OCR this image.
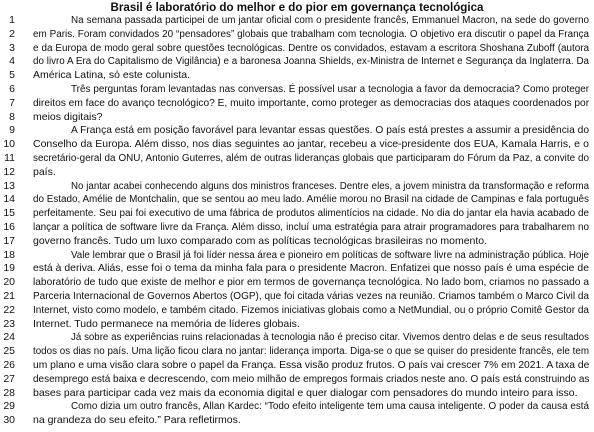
Brasil é laboratório do melhor e do pior em governança tecnológica
1	Na semana passada participei de um jantar oficial com o presidente francês, Emmanuel Macron, na sede do governo
2 em Paris. Foram convidados 20 “pensadores” globais que trabalham com tecnologia. O objetivo era discutir o papel da França
3 e da Europa de modo geral sobre questões tecnológicas. Dentre os convidados, estavam a escritora Shoshana Zuboff (autora
4 do livro A Era do Capitalismo de Vigilância) e a baronesa Joanna Shields, ex-Ministra de Internet e Segurança da Inglaterra. Da
5 América Latina, só este colunista.
6	Três perguntas foram levantadas nas conversas. É possível usar a tecnologia a favor da democracia? Como proteger
7 direitos em face do avanço tecnológico? E, muito importante, como proteger as democracias dos ataques coordenados por
8 meios digitais?
9	A França está em posição favorável para levantar essas questões. O país está prestes a assumir a presidência do
10 Conselho da Europa. Além disso, nos dias seguintes ao jantar, recebeu a vice-presidente dos EUA, Kamala Harris, e o
11 secretário-geral da ONU, Antonio Guterres, além de outras lideranças globais que participaram do Fórum da Paz, a convite do
12 país.
13	No jantar acabei conhecendo alguns dos ministros franceses. Dentre eles, a jovem ministra da transformação e reforma
14 do Estado, Amélie de Montchalin, que se sentou ao meu lado. Amélie morou no Brasil na cidade de Campinas e fala português
15 perfeitamente. Seu pai foi executivo de uma fábrica de produtos alimentícios na cidade. No dia do jantar ela havia acabado de
16 lançar a política de software livre da França. Além disso, incluí uma estratégia para atrair programadores para trabalharem no
17 governo francês. Tudo um luxo comparado com as políticas tecnológicas brasileiras no momento.
18	Vale lembrar que o Brasil já foi líder nessa área e pioneiro em políticas de software livre na administração pública. Hoje
19 está à deriva. Aliás, esse foi o tema da minha fala para o presidente Macron. Enfatizei que nosso país é uma espécie de
20 laboratório de tudo que existe de melhor e pior em termos de governança tecnológica. No lado bom, criamos no passado a
21 Parceria Internacional de Governos Abertos (OGP), que foi citada várias vezes na reunião. Criamos também o Marco Civil da
22 Internet, visto como modelo, e também citado. Fizemos iniciativas globais como a NetMundial, ou o próprio Comitê Gestor da
23 Internet. Tudo permanece na memória de líderes globais.
24	Já sobre as experiências ruins relacionadas à tecnologia não é preciso citar. Vivemos dentro delas e de seus resultados
25 todos os dias no país. Uma lição ficou clara no jantar: liderança importa. Diga-se o que se quiser do presidente francês, ele tem
26 um plano e uma visão clara sobre o papel da França. Essa visão produz frutos. O país vai crescer 7% em 2021. A taxa de
27 desemprego está baixa e decrescendo, com meio milhão de empregos formais criados neste ano. O país está construindo as
28 bases para participar cada vez mais da economia digital e quer dialogar com pensadores do mundo inteiro para isso.
29	Como dizia um outro francês, Allan Kardec: “Todo efeito inteligente tem uma causa inteligente. O poder da causa está
30 na grandeza do seu efeito.” Para refletirmos.
